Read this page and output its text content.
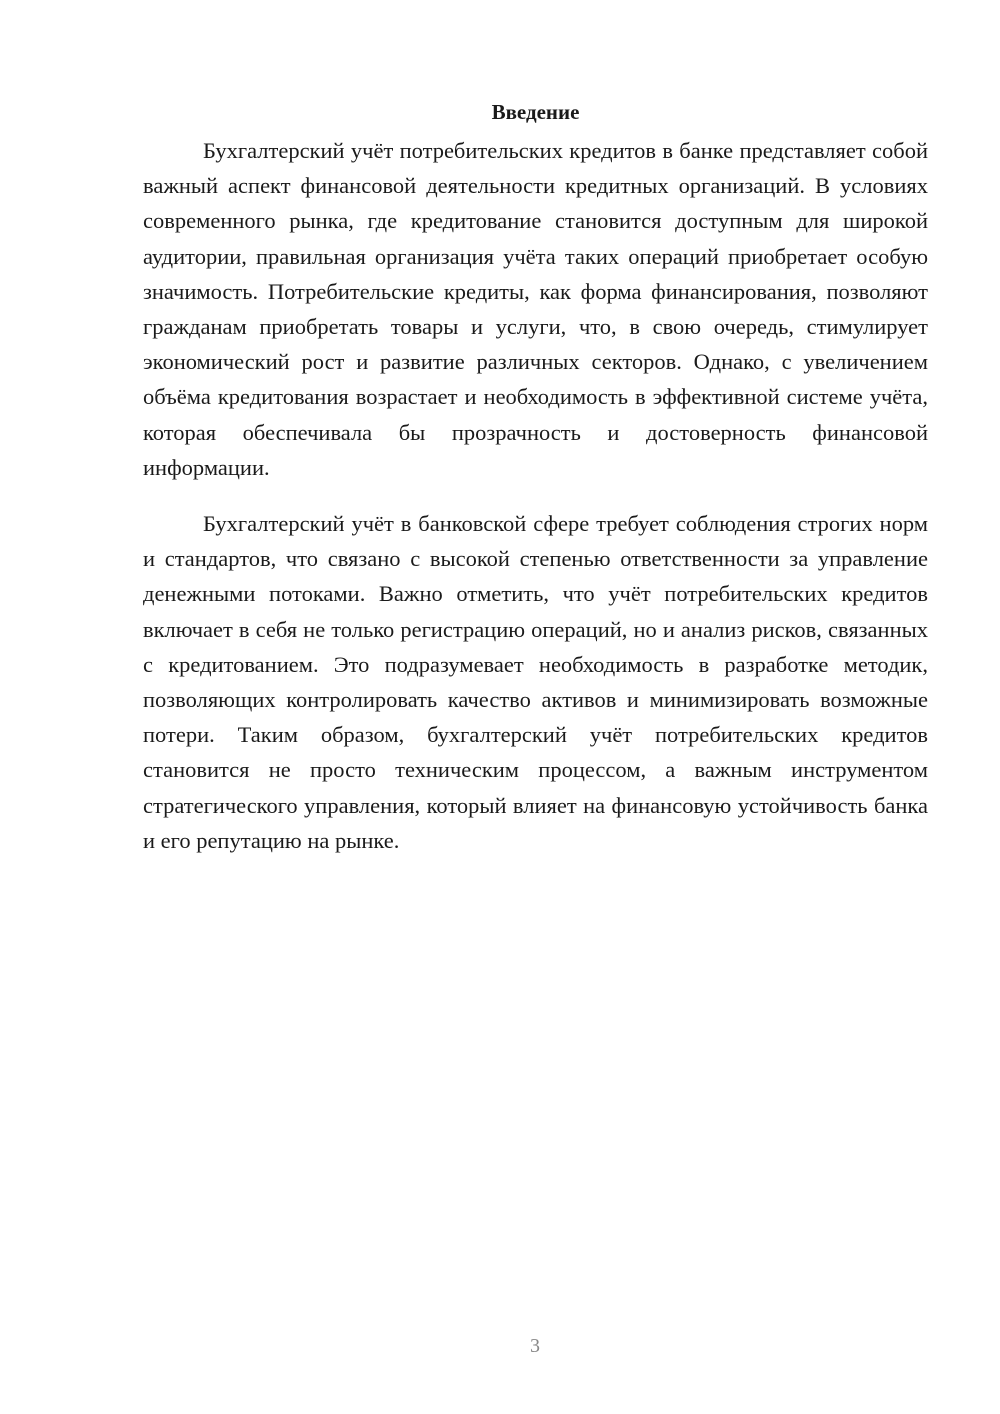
Введение

Бухгалтерский учёт потребительских кредитов в банке представляет собой важный аспект финансовой деятельности кредитных организаций. В условиях современного рынка, где кредитование становится доступным для широкой аудитории, правильная организация учёта таких операций приобретает особую значимость. Потребительские кредиты, как форма финансирования, позволяют гражданам приобретать товары и услуги, что, в свою очередь, стимулирует экономический рост и развитие различных секторов. Однако, с увеличением объёма кредитования возрастает и необходимость в эффективной системе учёта, которая обеспечивала бы прозрачность и достоверность финансовой информации.

Бухгалтерский учёт в банковской сфере требует соблюдения строгих норм и стандартов, что связано с высокой степенью ответственности за управление денежными потоками. Важно отметить, что учёт потребительских кредитов включает в себя не только регистрацию операций, но и анализ рисков, связанных с кредитованием. Это подразумевает необходимость в разработке методик, позволяющих контролировать качество активов и минимизировать возможные потери. Таким образом, бухгалтерский учёт потребительских кредитов становится не просто техническим процессом, а важным инструментом стратегического управления, который влияет на финансовую устойчивость банка и его репутацию на рынке.

3
